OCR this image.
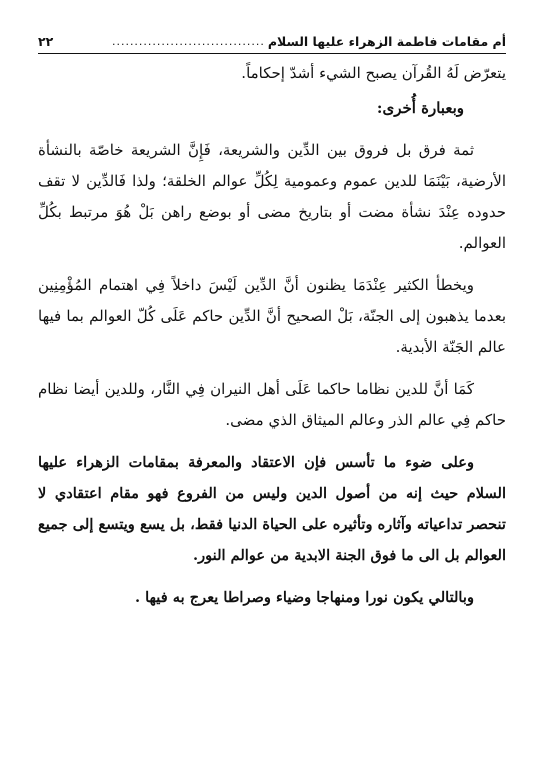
أم مقامات فاطمة الزهراء عليها السلام
..................................
٢٢

يتعرّض لَهُ القُرآن يصبح الشيء أشدّ إحكاماً.

وبعبارة أُخرى:

ثمة فرق بل فروق بين الدِّين والشريعة، فَإِنَّ الشريعة خاصّة بالنشأة الأرضية، بَيْنَمَا للدين عموم وعمومية لِكُلِّ عوالم الخلقة؛ ولذا فَالدِّين لا تقف حدوده عِنْدَ نشأة مضت أو بتاريخ مضى أو بوضع راهن بَلْ هُوَ مرتبط بكُلِّ العوالم.

ويخطأ الكثير عِنْدَمَا يظنون أنَّ الدِّين لَيْسَ داخلاً فِي اهتمام المُؤْمِنِين بعدما يذهبون إلى الجنّة، بَلْ الصحيح أنَّ الدِّين حاكم عَلَى كُلّ العوالم بما فيها عالم الجَنّة الأبدية.

كَمَا أنَّ للدين نظاما حاكما عَلَى أهل النيران فِي النَّار، وللدين أيضا نظام حاكم فِي عالم الذر وعالم الميثاق الذي مضى.

وعلى ضوء ما تأسس فإن الاعتقاد والمعرفة بمقامات الزهراء عليها السلام حيث إنه من أصول الدين وليس من الفروع فهو مقام اعتقادي لا تنحصر تداعياته وآثاره وتأثيره على الحياة الدنيا فقط، بل يسع ويتسع إلى جميع العوالم بل الى ما فوق الجنة الابدية من عوالم النور.

وبالتالي يكون نورا ومنهاجا وضياء وصراطا يعرج به فيها .
